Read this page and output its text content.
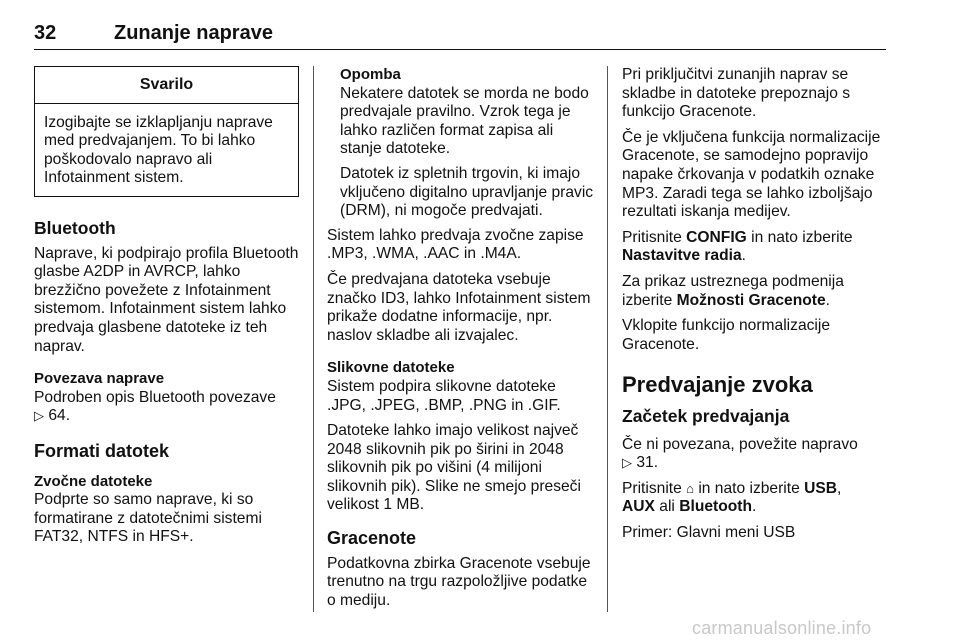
32	Zunanje naprave
Svarilo
Izogibajte se izklapljanju naprave med predvajanjem. To bi lahko poškodovalo napravo ali Infotainment sistem.
Bluetooth

Naprave, ki podpirajo profila Bluetooth glasbe A2DP in AVRCP, lahko brezžično povežete z Infotainment sistemom. Infotainment sistem lahko predvaja glasbene datoteke iz teh naprav.

Povezava naprave

Podroben opis Bluetooth povezave
▷ 64.

Formati datotek
Zvočne datoteke

Podprte so samo naprave, ki so formatirane z datotečnimi sistemi FAT32, NTFS in HFS+.

Opomba

Nekatere datotek se morda ne bodo predvajale pravilno. Vzrok tega je lahko različen format zapisa ali stanje datoteke.

Datotek iz spletnih trgovin, ki imajo vključeno digitalno upravljanje pravic (DRM), ni mogoče predvajati.

Sistem lahko predvaja zvočne zapise .MP3, .WMA, .AAC in .M4A.

Če predvajana datoteka vsebuje značko ID3, lahko Infotainment sistem prikaže dodatne informacije, npr. naslov skladbe ali izvajalec.

Slikovne datoteke

Sistem podpira slikovne datoteke .JPG, .JPEG, .BMP, .PNG in .GIF.

Datoteke lahko imajo velikost največ 2048 slikovnih pik po širini in 2048 slikovnih pik po višini (4 milijoni slikovnih pik). Slike ne smejo preseči velikost 1 MB.

Gracenote

Podatkovna zbirka Gracenote vsebuje trenutno na trgu razpoložljive podatke o mediju.

Pri priključitvi zunanjih naprav se skladbe in datoteke prepoznajo s funkcijo Gracenote.

Če je vključena funkcija normalizacije Gracenote, se samodejno popravijo napake črkovanja v podatkih oznake MP3. Zaradi tega se lahko izboljšajo rezultati iskanja medijev.

Pritisnite CONFIG in nato izberite Nastavitve radia.

Za prikaz ustreznega podmenija izberite Možnosti Gracenote.

Vklopite funkcijo normalizacije Gracenote.

Predvajanje zvoka
Začetek predvajanja

Če ni povezana, povežite napravo
▷ 31.

Pritisnite ⌂ in nato izberite USB,
AUX ali Bluetooth.

Primer: Glavni meni USB

carmanualsonline.info
